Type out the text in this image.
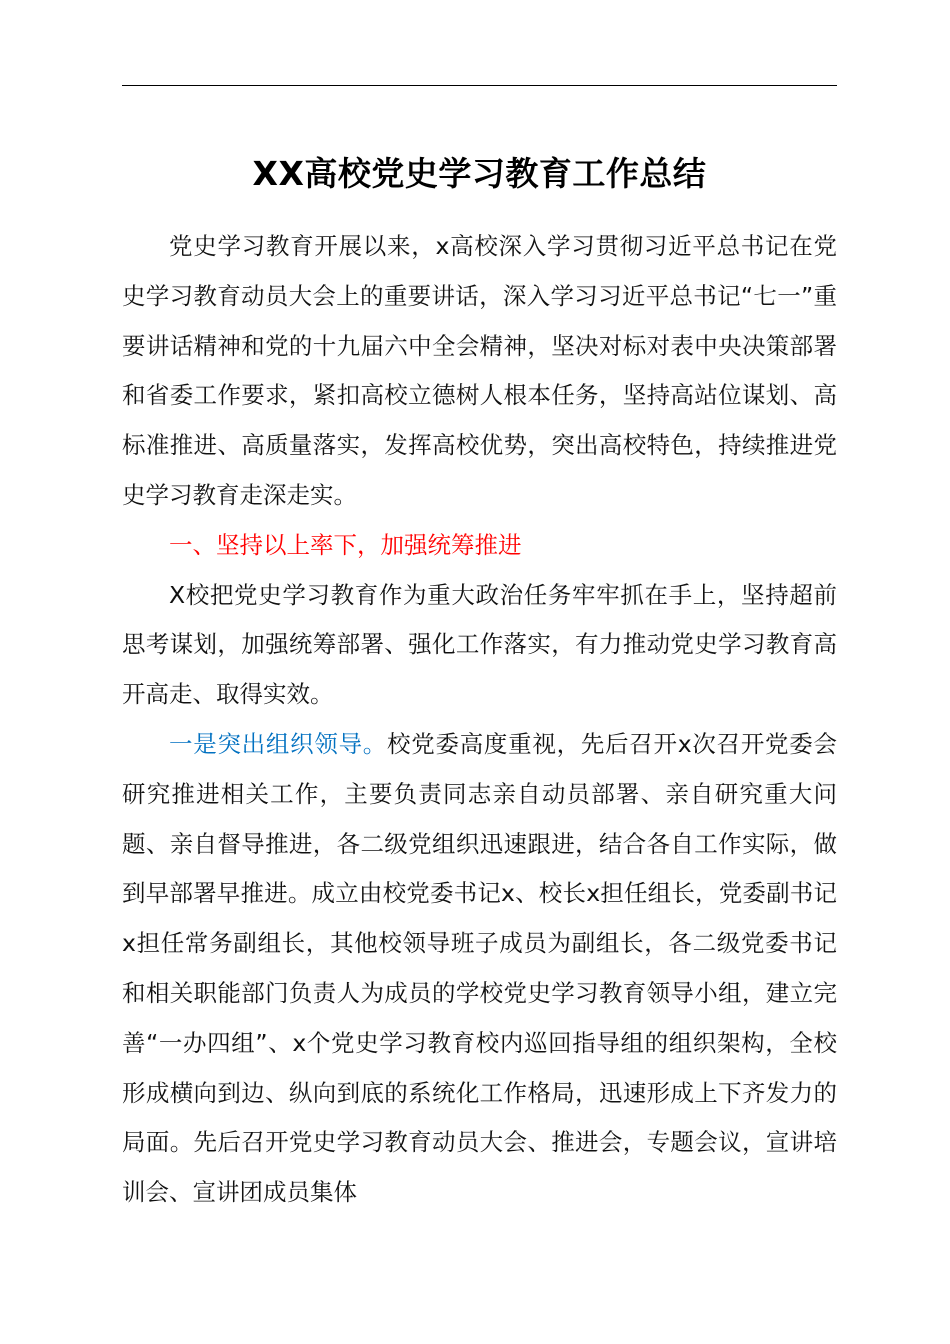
XX高校党史学习教育工作总结

党史学习教育开展以来，x高校深入学习贯彻习近平总书记在党史学习教育动员大会上的重要讲话，深入学习习近平总书记“七一”重要讲话精神和党的十九届六中全会精神，坚决对标对表中央决策部署和省委工作要求，紧扣高校立德树人根本任务，坚持高站位谋划、高标准推进、高质量落实，发挥高校优势，突出高校特色，持续推进党史学习教育走深走实。

一、坚持以上率下，加强统筹推进

X校把党史学习教育作为重大政治任务牢牢抓在手上，坚持超前思考谋划，加强统筹部署、强化工作落实，有力推动党史学习教育高开高走、取得实效。

一是突出组织领导。校党委高度重视，先后召开x次召开党委会研究推进相关工作，主要负责同志亲自动员部署、亲自研究重大问题、亲自督导推进，各二级党组织迅速跟进，结合各自工作实际，做到早部署早推进。成立由校党委书记x、校长x担任组长，党委副书记x担任常务副组长，其他校领导班子成员为副组长，各二级党委书记和相关职能部门负责人为成员的学校党史学习教育领导小组，建立完善“一办四组”、x个党史学习教育校内巡回指导组的组织架构，全校形成横向到边、纵向到底的系统化工作格局，迅速形成上下齐发力的局面。先后召开党史学习教育动员大会、推进会，专题会议，宣讲培训会、宣讲团成员集体
